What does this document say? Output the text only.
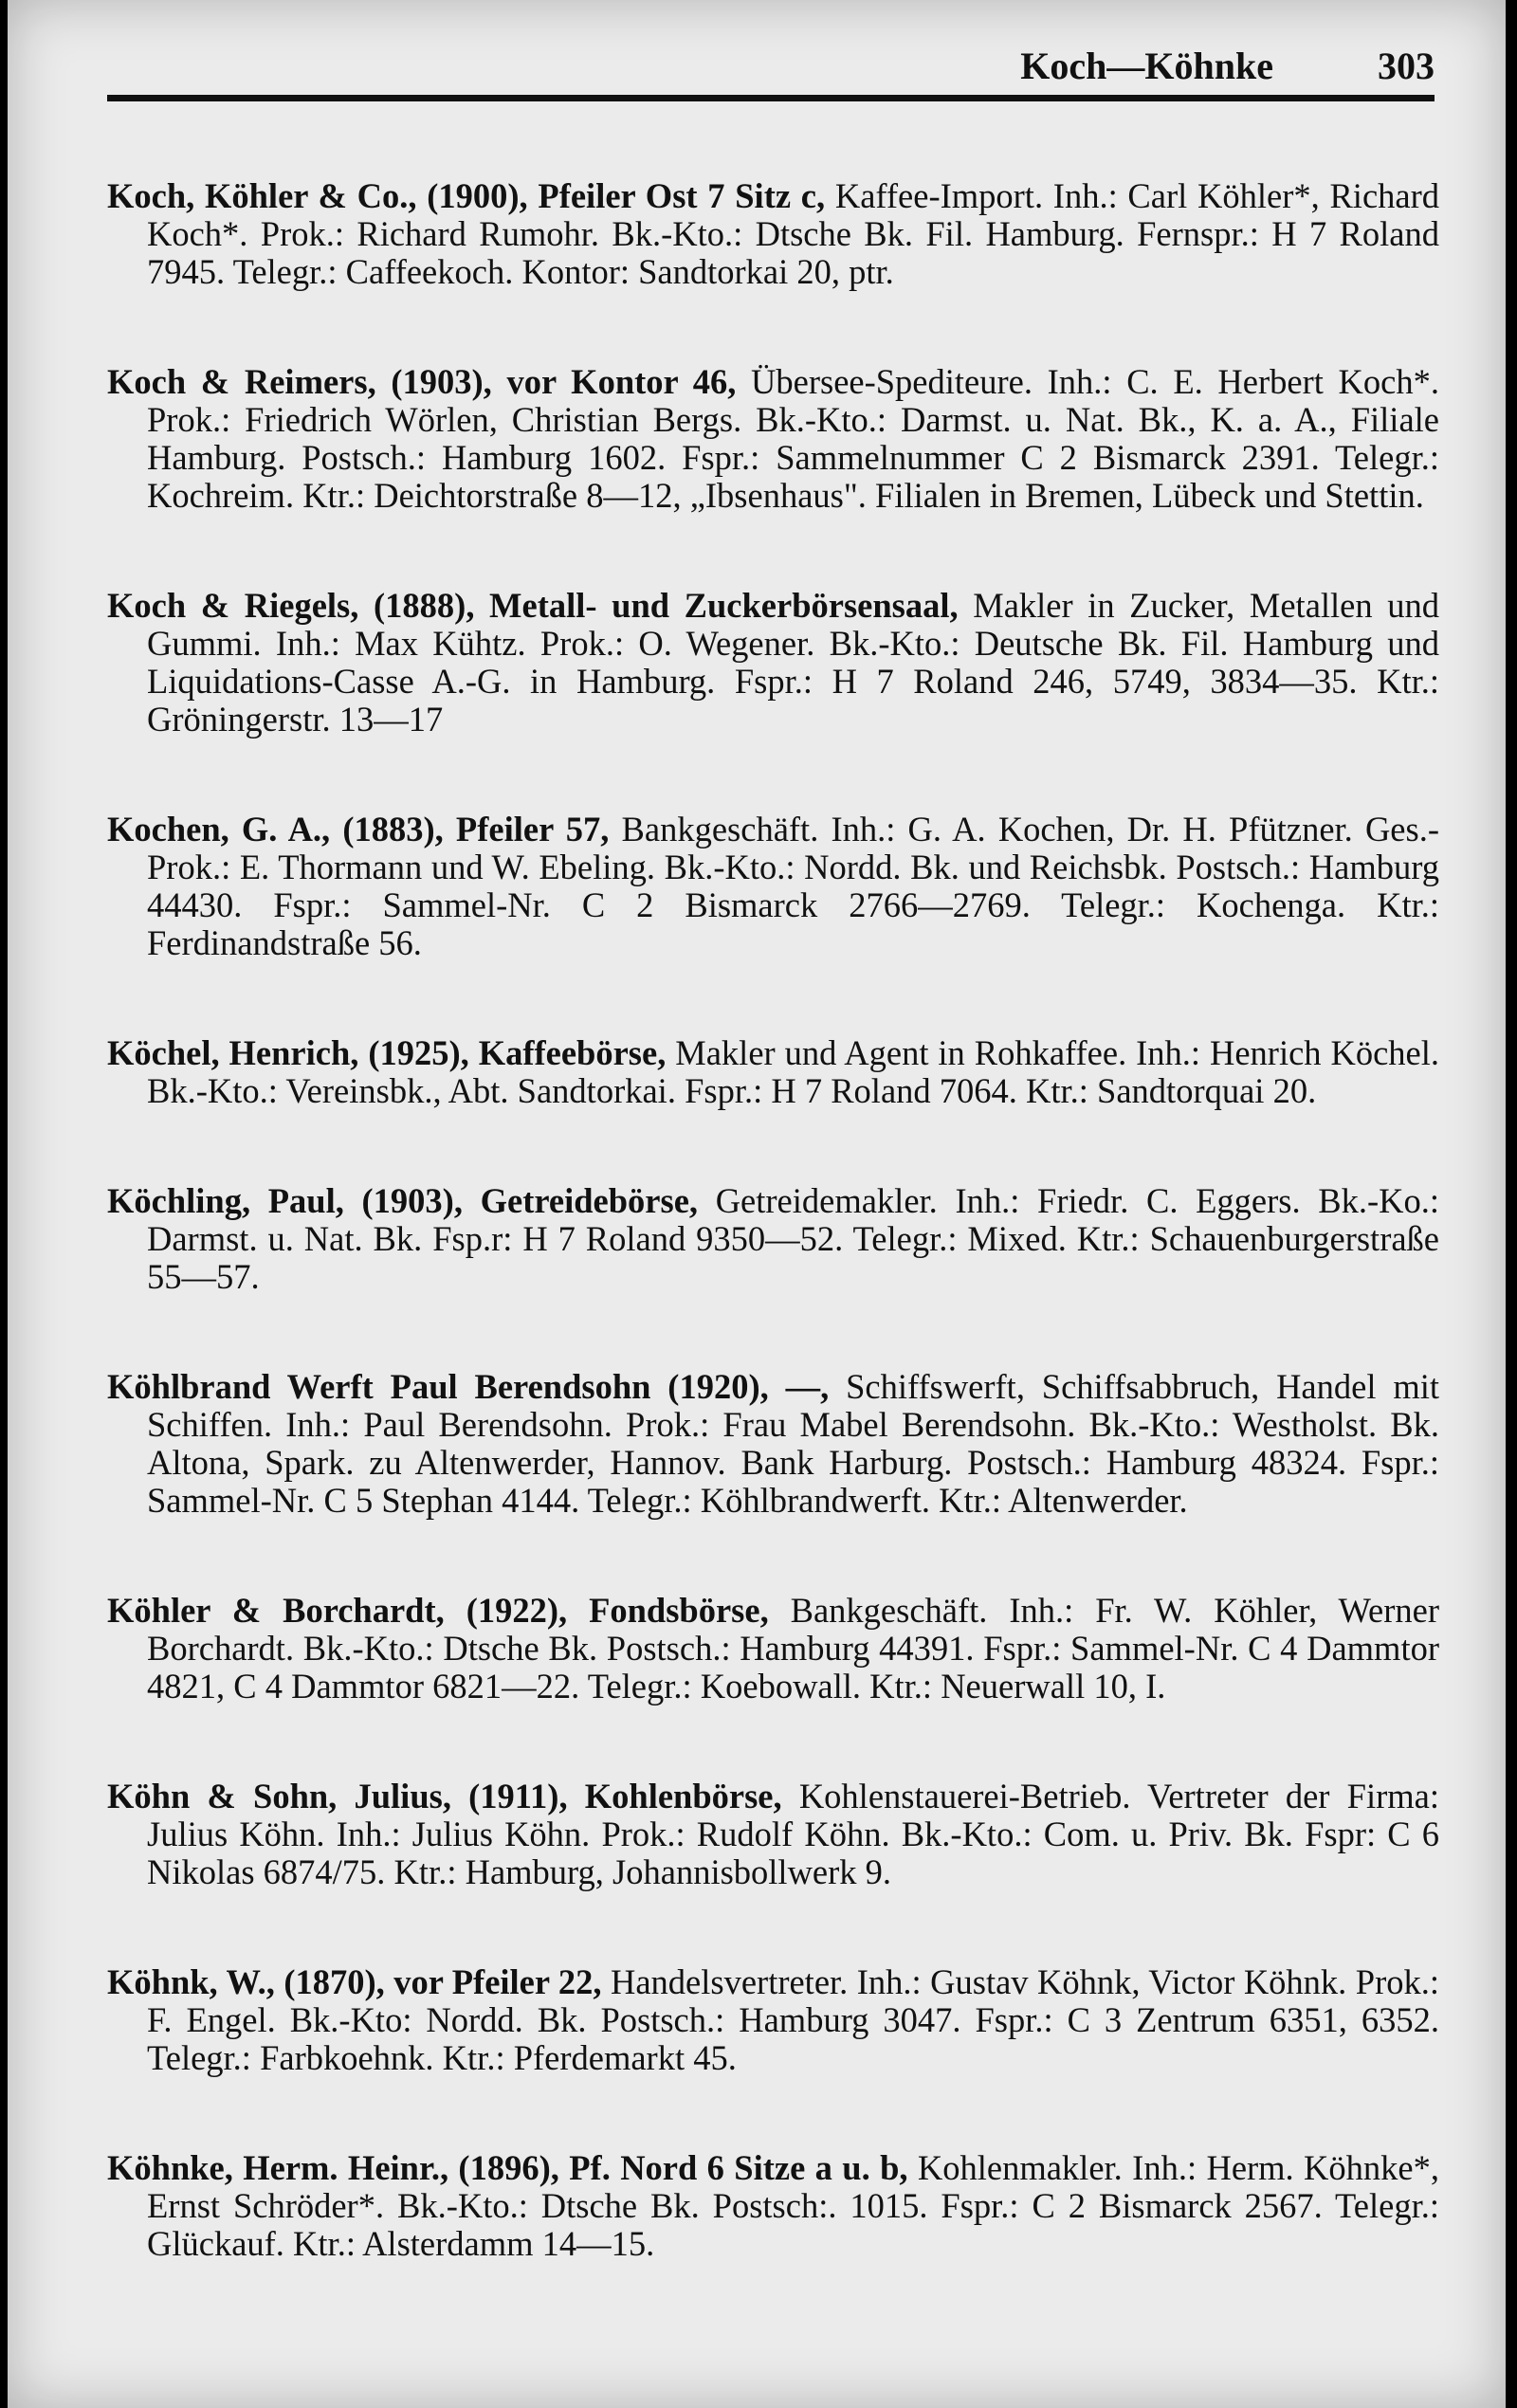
Koch—Köhnke	303

Koch, Köhler & Co., (1900), Pfeiler Ost 7 Sitz c, Kaffee-Import. Inh.: Carl Köhler*, Richard Koch*. Prok.: Richard Rumohr. Bk.-Kto.: Dtsche Bk. Fil. Hamburg. Fernspr.: H 7 Roland 7945. Telegr.: Caffeekoch. Kontor: Sandtorkai 20, ptr.

Koch & Reimers, (1903), vor Kontor 46, Übersee-Spediteure. Inh.: C. E. Herbert Koch*. Prok.: Friedrich Wörlen, Christian Bergs. Bk.-Kto.: Darmst. u. Nat. Bk., K. a. A., Filiale Hamburg. Postsch.: Hamburg 1602. Fspr.: Sammelnummer C 2 Bismarck 2391. Telegr.: Kochreim. Ktr.: Deichtorstraße 8—12, „Ibsenhaus". Filialen in Bremen, Lübeck und Stettin.

Koch & Riegels, (1888), Metall- und Zuckerbörsensaal, Makler in Zucker, Metallen und Gummi. Inh.: Max Kühtz. Prok.: O. Wegener. Bk.-Kto.: Deutsche Bk. Fil. Hamburg und Liquidations-Casse A.-G. in Hamburg. Fspr.: H 7 Roland 246, 5749, 3834—35. Ktr.: Gröningerstr. 13—17

Kochen, G. A., (1883), Pfeiler 57, Bankgeschäft. Inh.: G. A. Kochen, Dr. H. Pfützner. Ges.-Prok.: E. Thormann und W. Ebeling. Bk.-Kto.: Nordd. Bk. und Reichsbk. Postsch.: Hamburg 44430. Fspr.: Sammel-Nr. C 2 Bismarck 2766—2769. Telegr.: Kochenga. Ktr.: Ferdinandstraße 56.

Köchel, Henrich, (1925), Kaffeebörse, Makler und Agent in Rohkaffee. Inh.: Henrich Köchel. Bk.-Kto.: Vereinsbk., Abt. Sandtorkai. Fspr.: H 7 Roland 7064. Ktr.: Sandtorquai 20.

Köchling, Paul, (1903), Getreidebörse, Getreidemakler. Inh.: Friedr. C. Eggers. Bk.-Ko.: Darmst. u. Nat. Bk. Fsp.r: H 7 Roland 9350—52. Telegr.: Mixed. Ktr.: Schauenburgerstraße 55—57.

Köhlbrand Werft Paul Berendsohn (1920), —, Schiffswerft, Schiffsabbruch, Handel mit Schiffen. Inh.: Paul Berendsohn. Prok.: Frau Mabel Berendsohn. Bk.-Kto.: Westholst. Bk. Altona, Spark. zu Altenwerder, Hannov. Bank Harburg. Postsch.: Hamburg 48324. Fspr.: Sammel-Nr. C 5 Stephan 4144. Telegr.: Köhlbrandwerft. Ktr.: Altenwerder.

Köhler & Borchardt, (1922), Fondsbörse, Bankgeschäft. Inh.: Fr. W. Köhler, Werner Borchardt. Bk.-Kto.: Dtsche Bk. Postsch.: Hamburg 44391. Fspr.: Sammel-Nr. C 4 Dammtor 4821, C 4 Dammtor 6821—22. Telegr.: Koebowall. Ktr.: Neuerwall 10, I.

Köhn & Sohn, Julius, (1911), Kohlenbörse, Kohlenstauerei-Betrieb. Vertreter der Firma: Julius Köhn. Inh.: Julius Köhn. Prok.: Rudolf Köhn. Bk.-Kto.: Com. u. Priv. Bk. Fspr: C 6 Nikolas 6874/75. Ktr.: Hamburg, Johannisbollwerk 9.

Köhnk, W., (1870), vor Pfeiler 22, Handelsvertreter. Inh.: Gustav Köhnk, Victor Köhnk. Prok.: F. Engel. Bk.-Kto: Nordd. Bk. Postsch.: Hamburg 3047. Fspr.: C 3 Zentrum 6351, 6352. Telegr.: Farbkoehnk. Ktr.: Pferdemarkt 45.

Köhnke, Herm. Heinr., (1896), Pf. Nord 6 Sitze a u. b, Kohlenmakler. Inh.: Herm. Köhnke*, Ernst Schröder*. Bk.-Kto.: Dtsche Bk. Postsch:. 1015. Fspr.: C 2 Bismarck 2567. Telegr.: Glückauf. Ktr.: Alsterdamm 14—15.
